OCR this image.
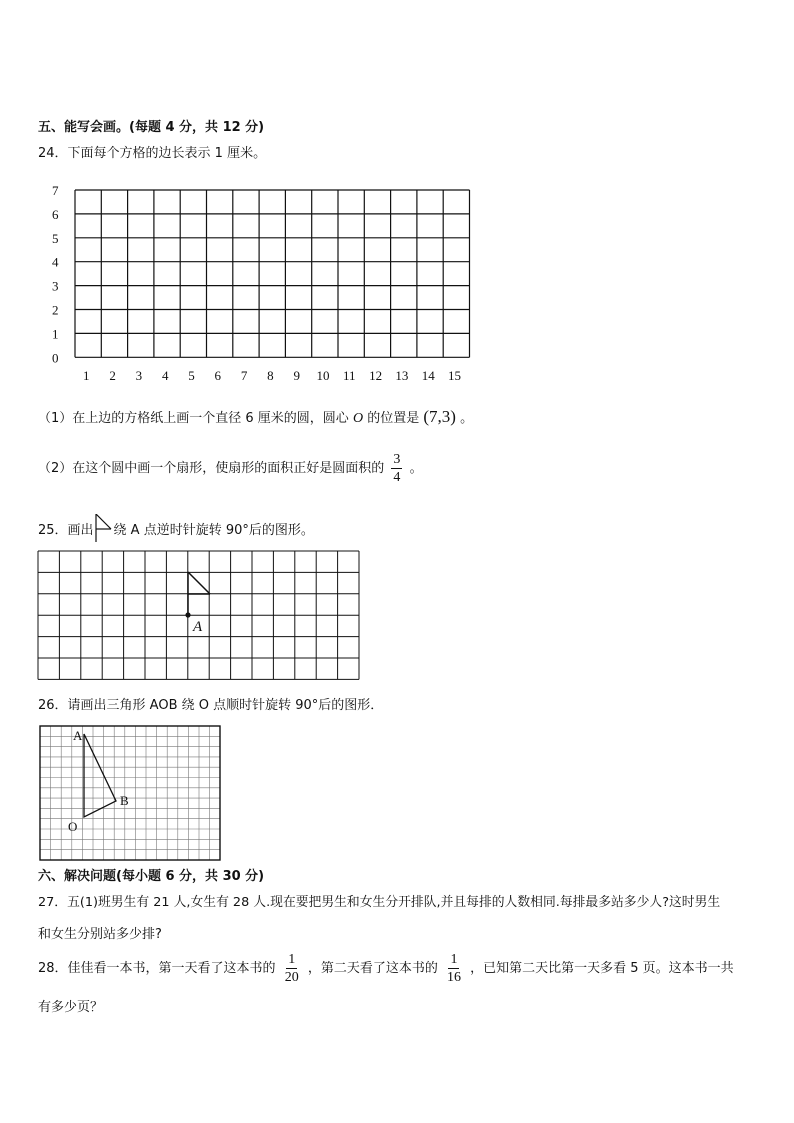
五、能写会画。(每题 4 分，共 12 分)
24．下面每个方格的边长表示 1 厘米。
7
6
5
4
3
2
1
0
1 2 3 4 5 6 7 8 9 10 11 12 13 14 15
（1）在上边的方格纸上画一个直径 6 厘米的圆，圆心 O 的位置是 (7,3) 。
（2）在这个圆中画一个扇形，使扇形的面积正好是圆面积的 $\frac{3}{4}$ 。
25．画出 绕 A 点逆时针旋转 90°后的图形。
A
26．请画出三角形 AOB 绕 O 点顺时针旋转 90°后的图形．
A
B
O
六、解决问题(每小题 6 分，共 30 分)
27．五(1)班男生有 21 人,女生有 28 人.现在要把男生和女生分开排队,并且每排的人数相同.每排最多站多少人?这时男生
和女生分别站多少排?
28．佳佳看一本书，第一天看了这本书的 $\frac{1}{20}$ ，第二天看了这本书的 $\frac{1}{16}$ ，已知第二天比第一天多看 5 页。这本书一共
有多少页？
